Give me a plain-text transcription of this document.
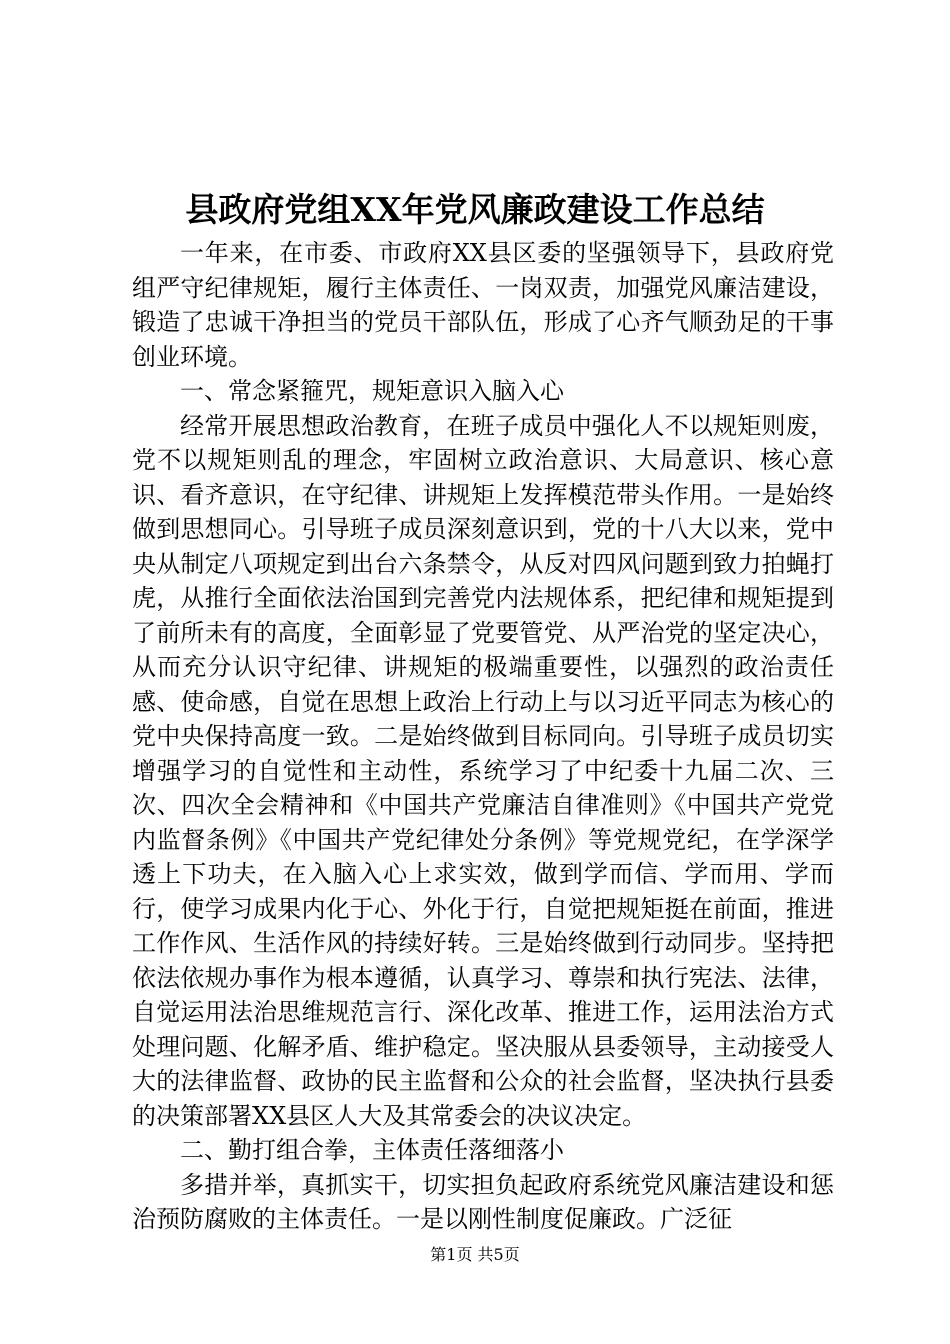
县政府党组XX年党风廉政建设工作总结

一年来，在市委、市政府XX县区委的坚强领导下，县政府党组严守纪律规矩，履行主体责任、一岗双责，加强党风廉洁建设，锻造了忠诚干净担当的党员干部队伍，形成了心齐气顺劲足的干事创业环境。

一、常念紧箍咒，规矩意识入脑入心

经常开展思想政治教育，在班子成员中强化人不以规矩则废，党不以规矩则乱的理念，牢固树立政治意识、大局意识、核心意识、看齐意识，在守纪律、讲规矩上发挥模范带头作用。一是始终做到思想同心。引导班子成员深刻意识到，党的十八大以来，党中央从制定八项规定到出台六条禁令，从反对四风问题到致力拍蝇打虎，从推行全面依法治国到完善党内法规体系，把纪律和规矩提到了前所未有的高度，全面彰显了党要管党、从严治党的坚定决心，从而充分认识守纪律、讲规矩的极端重要性，以强烈的政治责任感、使命感，自觉在思想上政治上行动上与以习近平同志为核心的党中央保持高度一致。二是始终做到目标同向。引导班子成员切实增强学习的自觉性和主动性，系统学习了中纪委十九届二次、三次、四次全会精神和《中国共产党廉洁自律准则》《中国共产党党内监督条例》《中国共产党纪律处分条例》等党规党纪，在学深学透上下功夫，在入脑入心上求实效，做到学而信、学而用、学而行，使学习成果内化于心、外化于行，自觉把规矩挺在前面，推进工作作风、生活作风的持续好转。三是始终做到行动同步。坚持把依法依规办事作为根本遵循，认真学习、尊崇和执行宪法、法律，自觉运用法治思维规范言行、深化改革、推进工作，运用法治方式处理问题、化解矛盾、维护稳定。坚决服从县委领导，主动接受人大的法律监督、政协的民主监督和公众的社会监督，坚决执行县委的决策部署XX县区人大及其常委会的决议决定。

二、勤打组合拳，主体责任落细落小

多措并举，真抓实干，切实担负起政府系统党风廉洁建设和惩治预防腐败的主体责任。一是以刚性制度促廉政。广泛征

第1页 共5页
